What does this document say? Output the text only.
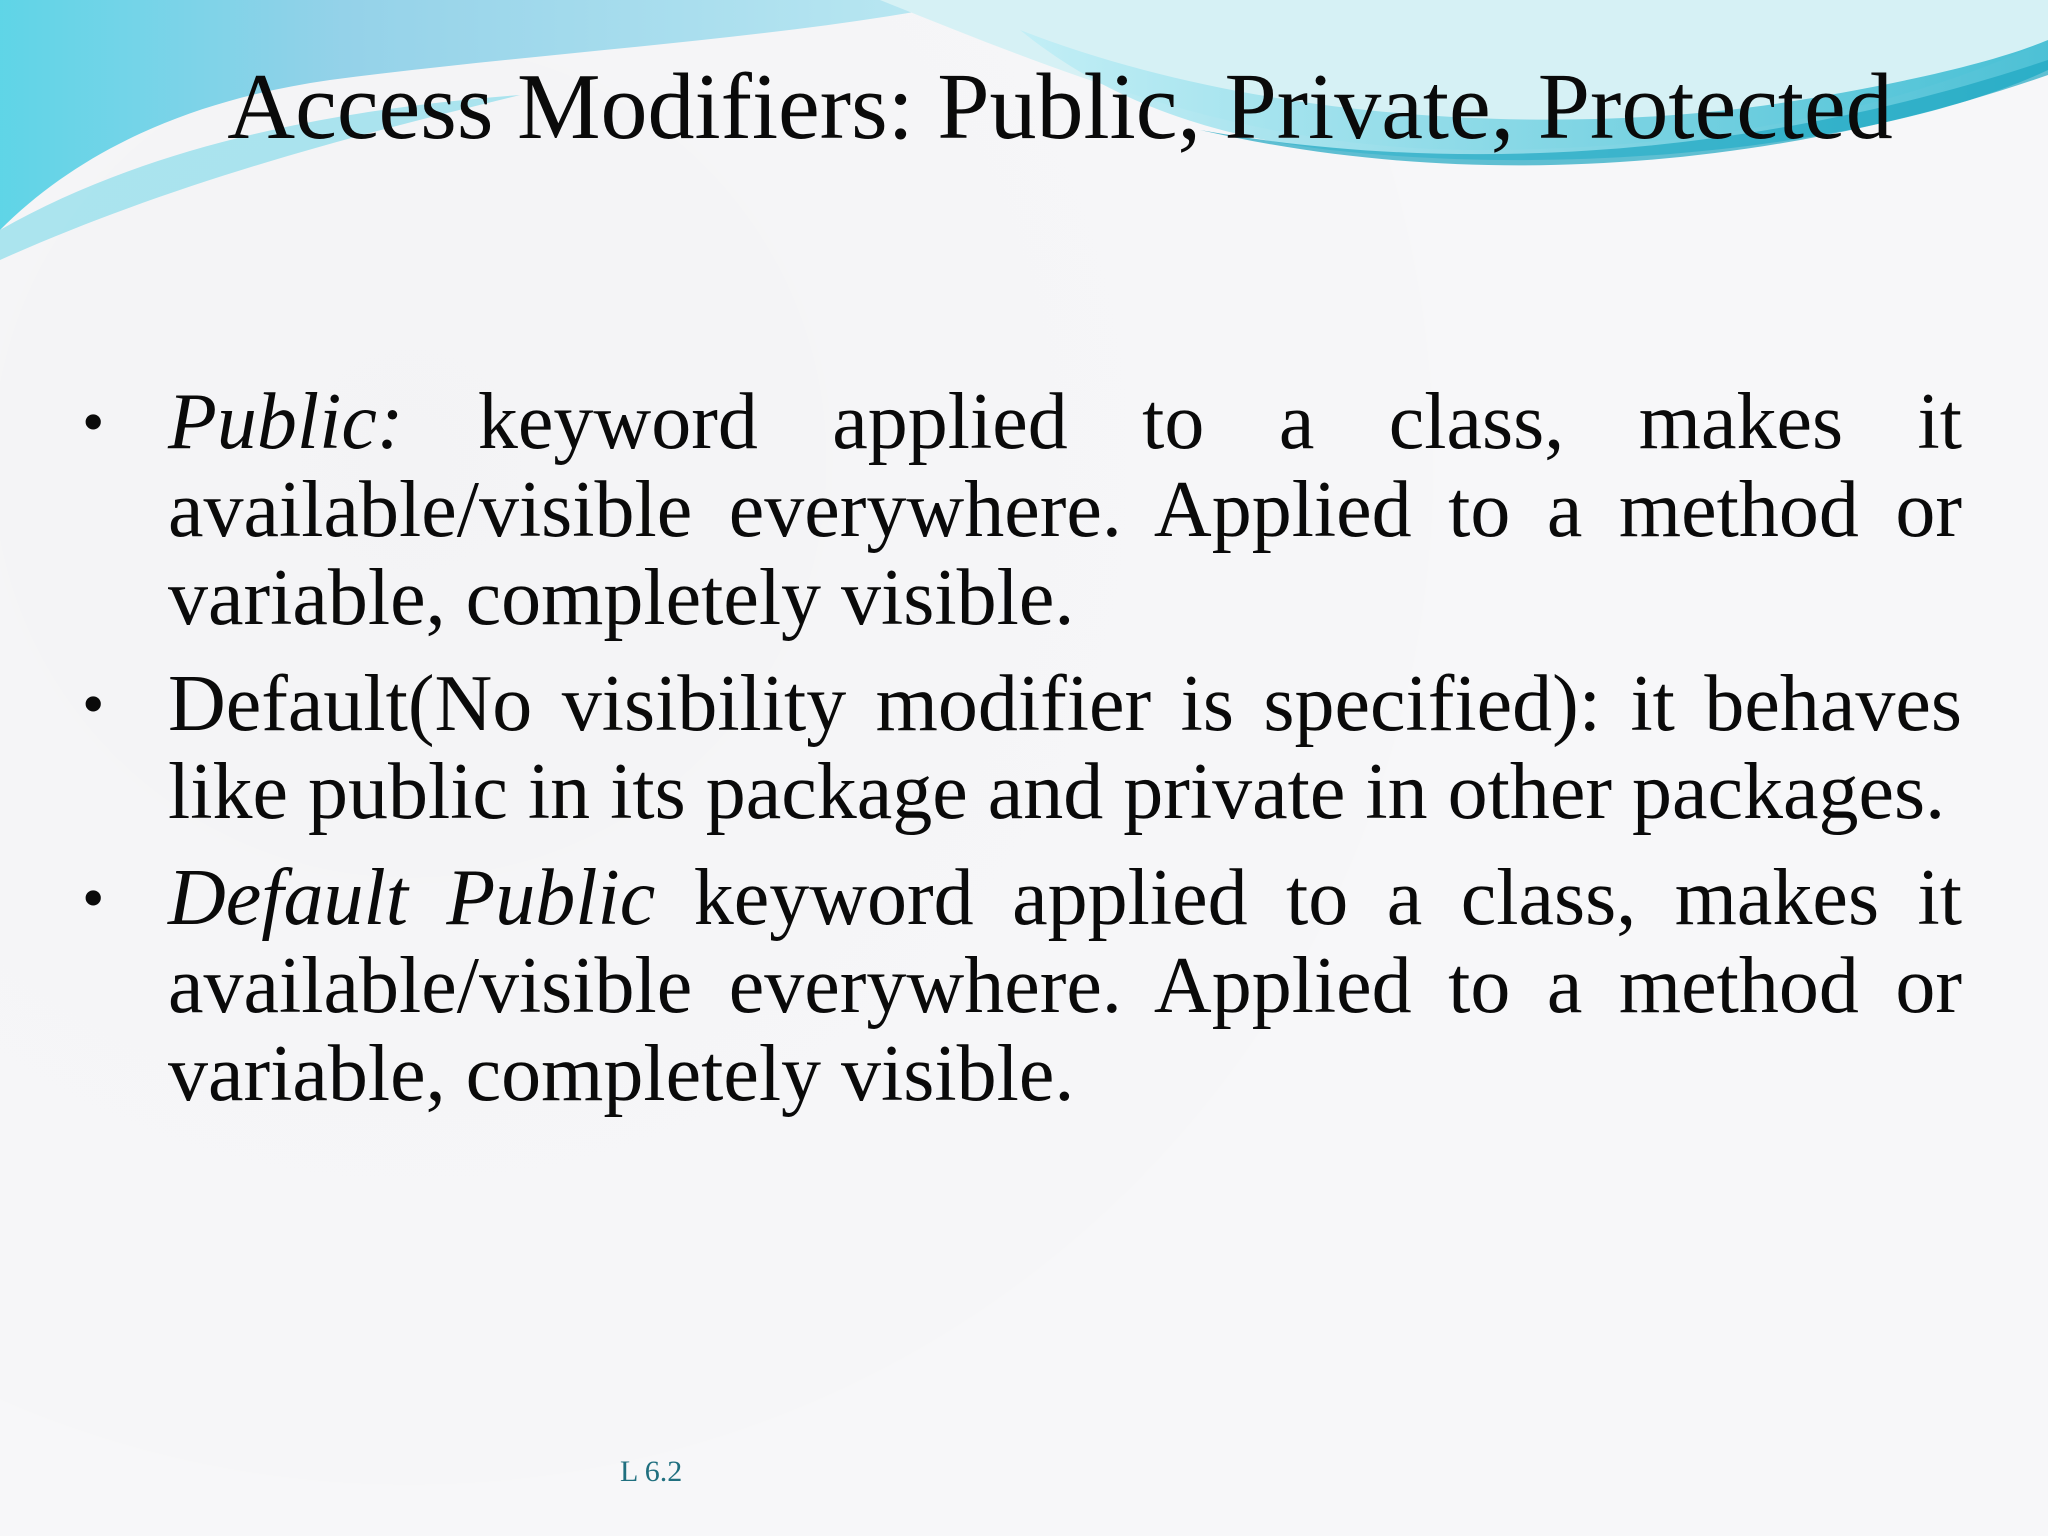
Access Modifiers: Public, Private, Protected
• Public: keyword applied to a class, makes it available/visible everywhere. Applied to a method or variable, completely visible.
• Default(No visibility modifier is specified): it behaves like public in its package and private in other packages.
• Default Public keyword applied to a class, makes it available/visible everywhere. Applied to a method or variable, completely visible.
L 6.2
